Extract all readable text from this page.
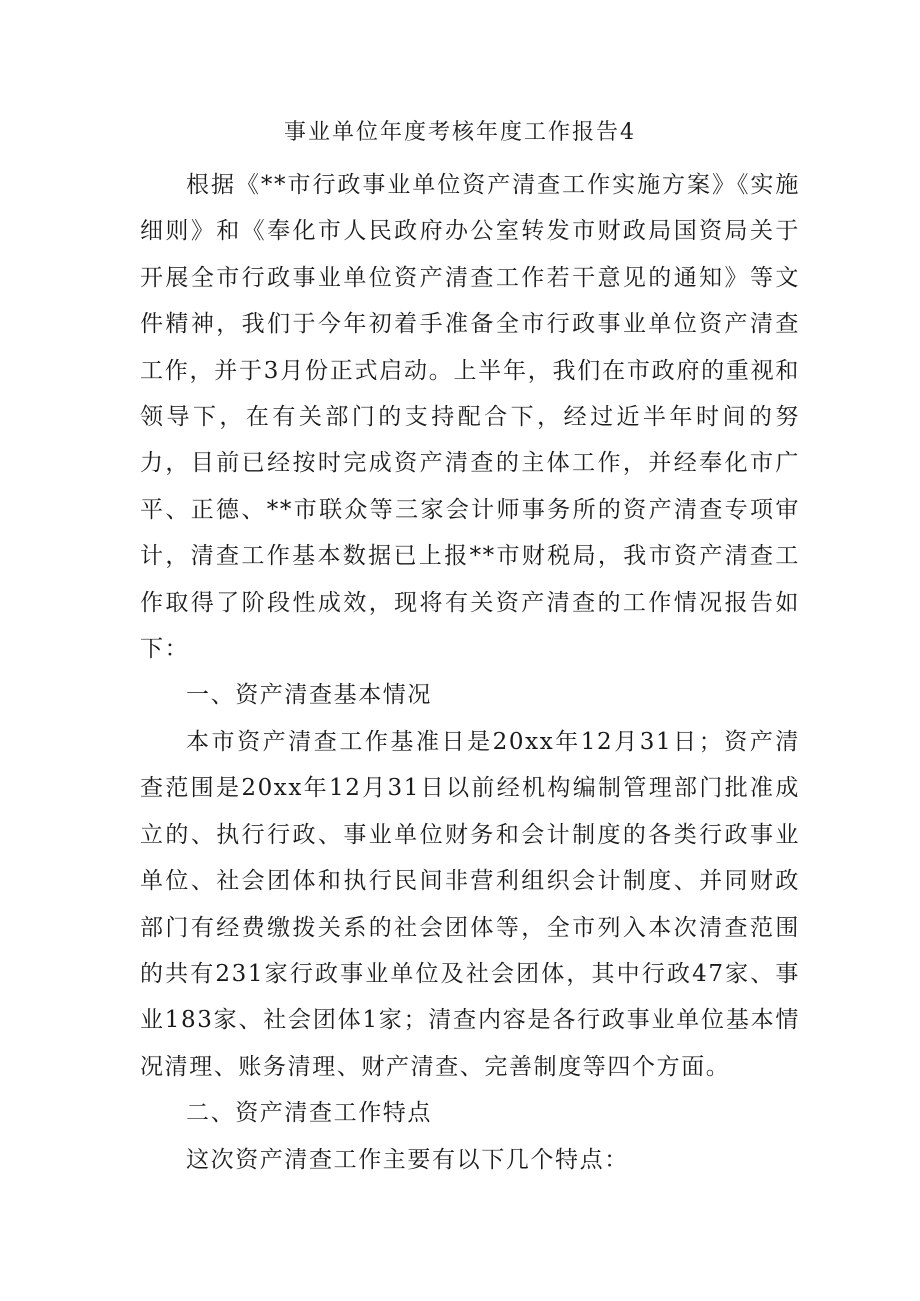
事业单位年度考核年度工作报告4

根据《**市行政事业单位资产清查工作实施方案》《实施细则》和《奉化市人民政府办公室转发市财政局国资局关于开展全市行政事业单位资产清查工作若干意见的通知》等文件精神，我们于今年初着手准备全市行政事业单位资产清查工作，并于3月份正式启动。上半年，我们在市政府的重视和领导下，在有关部门的支持配合下，经过近半年时间的努力，目前已经按时完成资产清查的主体工作，并经奉化市广平、正德、**市联众等三家会计师事务所的资产清查专项审计，清查工作基本数据已上报**市财税局，我市资产清查工作取得了阶段性成效，现将有关资产清查的工作情况报告如下：

一、资产清查基本情况

本市资产清查工作基准日是20xx年12月31日；资产清查范围是20xx年12月31日以前经机构编制管理部门批准成立的、执行行政、事业单位财务和会计制度的各类行政事业单位、社会团体和执行民间非营利组织会计制度、并同财政部门有经费缴拨关系的社会团体等，全市列入本次清查范围的共有231家行政事业单位及社会团体，其中行政47家、事业183家、社会团体1家；清查内容是各行政事业单位基本情况清理、账务清理、财产清查、完善制度等四个方面。

二、资产清查工作特点

这次资产清查工作主要有以下几个特点：
